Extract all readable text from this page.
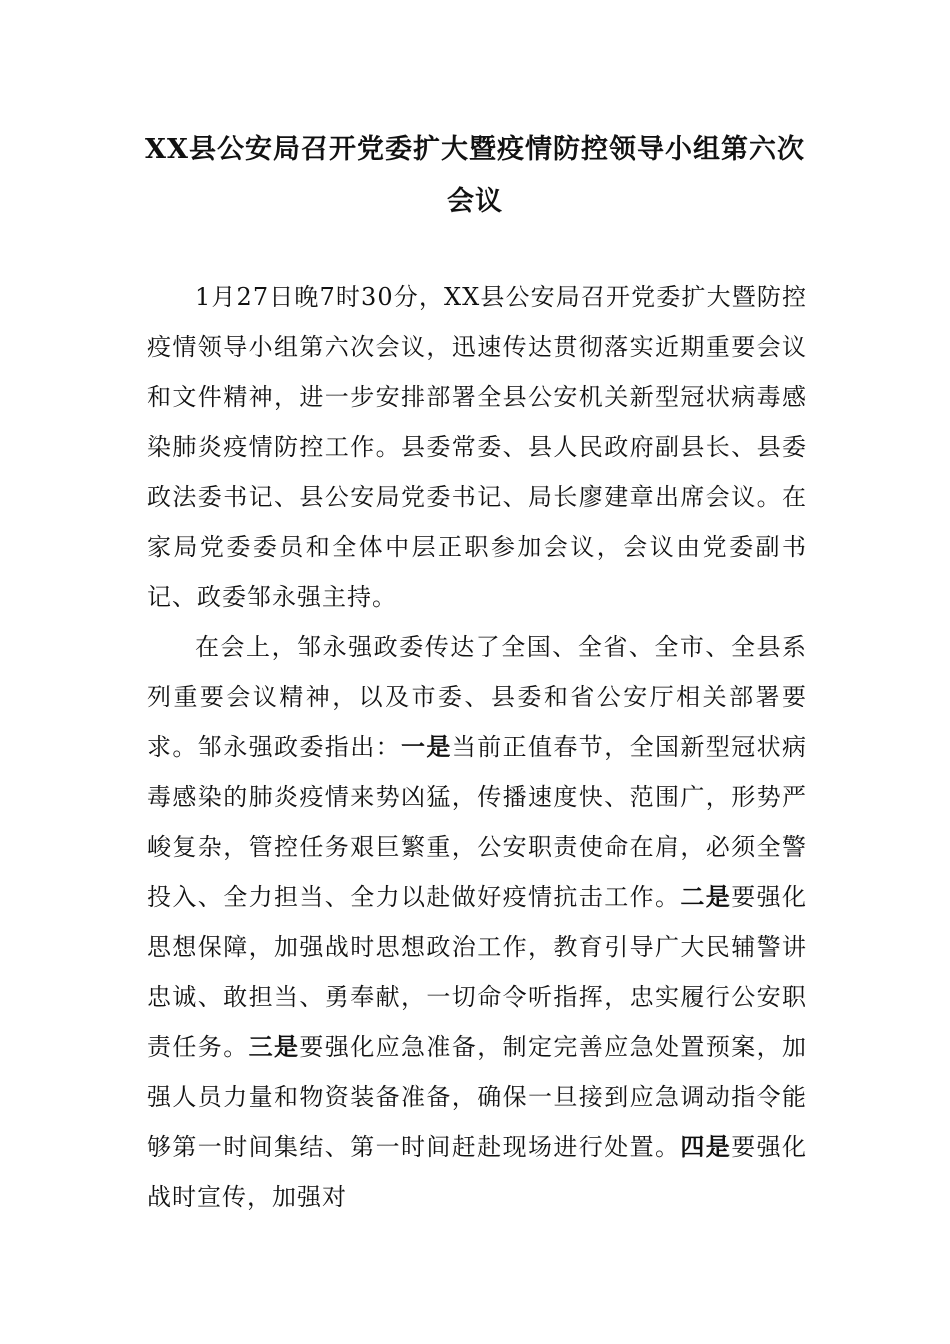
XX县公安局召开党委扩大暨疫情防控领导小组第六次会议

1月27日晚7时30分，XX县公安局召开党委扩大暨防控疫情领导小组第六次会议，迅速传达贯彻落实近期重要会议和文件精神，进一步安排部署全县公安机关新型冠状病毒感染肺炎疫情防控工作。县委常委、县人民政府副县长、县委政法委书记、县公安局党委书记、局长廖建章出席会议。在家局党委委员和全体中层正职参加会议，会议由党委副书记、政委邹永强主持。

在会上，邹永强政委传达了全国、全省、全市、全县系列重要会议精神，以及市委、县委和省公安厅相关部署要求。邹永强政委指出：一是当前正值春节，全国新型冠状病毒感染的肺炎疫情来势凶猛，传播速度快、范围广，形势严峻复杂，管控任务艰巨繁重，公安职责使命在肩，必须全警投入、全力担当、全力以赴做好疫情抗击工作。二是要强化思想保障，加强战时思想政治工作，教育引导广大民辅警讲忠诚、敢担当、勇奉献，一切命令听指挥，忠实履行公安职责任务。三是要强化应急准备，制定完善应急处置预案，加强人员力量和物资装备准备，确保一旦接到应急调动指令能够第一时间集结、第一时间赶赴现场进行处置。四是要强化战时宣传，加强对
